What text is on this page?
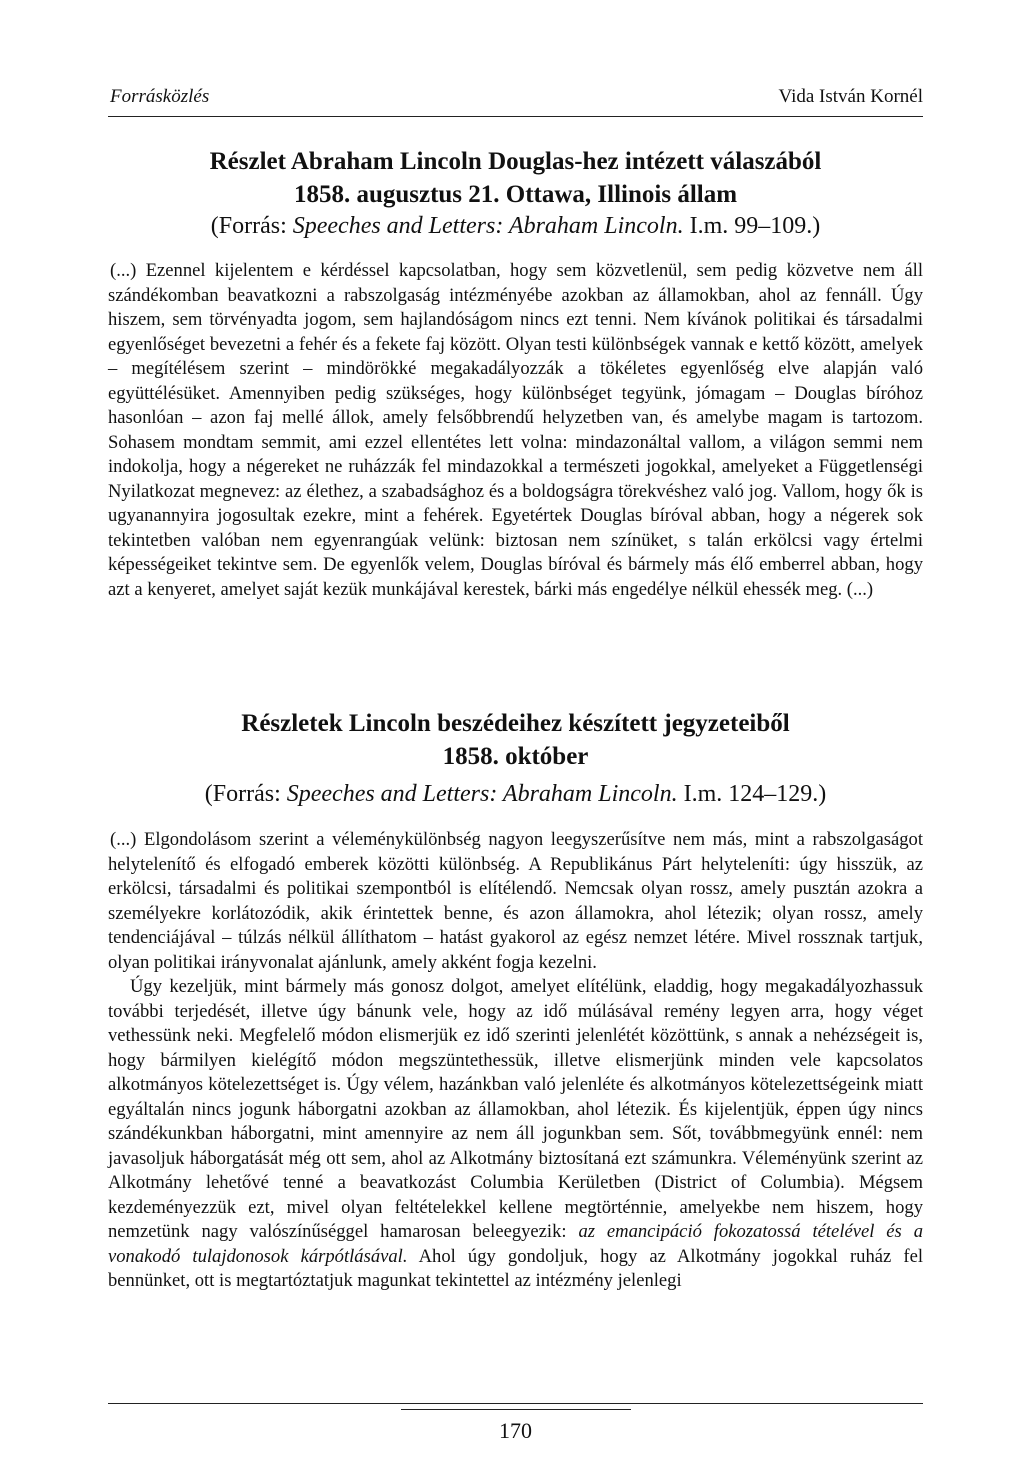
Forrásközlés	Vida István Kornél

Részlet Abraham Lincoln Douglas-hez intézett válaszából

1858. augusztus 21. Ottawa, Illinois állam

(Forrás: Speeches and Letters: Abraham Lincoln. I.m. 99–109.)

(...) Ezennel kijelentem e kérdéssel kapcsolatban, hogy sem közvetlenül, sem pedig közvetve nem áll szándékomban beavatkozni a rabszolgaság intézményébe azokban az államokban, ahol az fennáll. Úgy hiszem, sem törvényadta jogom, sem hajlandóságom nincs ezt tenni. Nem kívánok politikai és társadalmi egyenlőséget bevezetni a fehér és a fekete faj között. Olyan testi különbségek vannak e kettő között, amelyek – megítélésem szerint – mindörökké megakadályozzák a tökéletes egyenlőség elve alapján való együttélésüket. Amennyiben pedig szükséges, hogy különbséget tegyünk, jómagam – Douglas bíróhoz hasonlóan – azon faj mellé állok, amely felsőbbrendű helyzetben van, és amelybe magam is tartozom. Sohasem mondtam semmit, ami ezzel ellentétes lett volna: mindazonáltal vallom, a világon semmi nem indokolja, hogy a négereket ne ruházzák fel mindazokkal a természeti jogokkal, amelyeket a Függetlenségi Nyilatkozat megnevez: az élethez, a szabadsághoz és a boldogságra törekvéshez való jog. Vallom, hogy ők is ugyanannyira jogosultak ezekre, mint a fehérek. Egyetértek Douglas bíróval abban, hogy a négerek sok tekintetben valóban nem egyenrangúak velünk: biztosan nem színüket, s talán erkölcsi vagy értelmi képességeiket tekintve sem. De egyenlők velem, Douglas bíróval és bármely más élő emberrel abban, hogy azt a kenyeret, amelyet saját kezük munkájával kerestek, bárki más engedélye nélkül ehessék meg. (...)

Részletek Lincoln beszédeihez készített jegyzeteiből

1858. október

(Forrás: Speeches and Letters: Abraham Lincoln. I.m. 124–129.)

(...) Elgondolásom szerint a véleménykülönbség nagyon leegyszerűsítve nem más, mint a rabszolgaságot helytelenítő és elfogadó emberek közötti különbség. A Republikánus Párt helyteleníti: úgy hisszük, az erkölcsi, társadalmi és politikai szempontból is elítélendő. Nemcsak olyan rossz, amely pusztán azokra a személyekre korlátozódik, akik érintettek benne, és azon államokra, ahol létezik; olyan rossz, amely tendenciájával – túlzás nélkül állíthatom – hatást gyakorol az egész nemzet létére. Mivel rossznak tartjuk, olyan politikai irányvonalat ajánlunk, amely akként fogja kezelni.

Úgy kezeljük, mint bármely más gonosz dolgot, amelyet elítélünk, eladdig, hogy megakadályozhassuk további terjedését, illetve úgy bánunk vele, hogy az idő múlásával remény legyen arra, hogy véget vethessünk neki. Megfelelő módon elismerjük ez idő szerinti jelenlétét közöttünk, s annak a nehézségeit is, hogy bármilyen kielégítő módon megszüntethessük, illetve elismerjünk minden vele kapcsolatos alkotmányos kötelezettséget is. Úgy vélem, hazánkban való jelenléte és alkotmányos kötelezettségeink miatt egyáltalán nincs jogunk háborgatni azokban az államokban, ahol létezik. És kijelentjük, éppen úgy nincs szándékunkban háborgatni, mint amennyire az nem áll jogunkban sem. Sőt, továbbmegyünk ennél: nem javasoljuk háborgatását még ott sem, ahol az Alkotmány biztosítaná ezt számunkra. Véleményünk szerint az Alkotmány lehetővé tenné a beavatkozást Columbia Kerületben (District of Columbia). Mégsem kezdeményezzük ezt, mivel olyan feltételekkel kellene megtörténnie, amelyekbe nem hiszem, hogy nemzetünk nagy valószínűséggel hamarosan beleegyezik: az emancipáció fokozatossá tételével és a vonakodó tulajdonosok kárpótlásával. Ahol úgy gondoljuk, hogy az Alkotmány jogokkal ruház fel bennünket, ott is megtartóztatjuk magunkat tekintettel az intézmény jelenlegi

170
